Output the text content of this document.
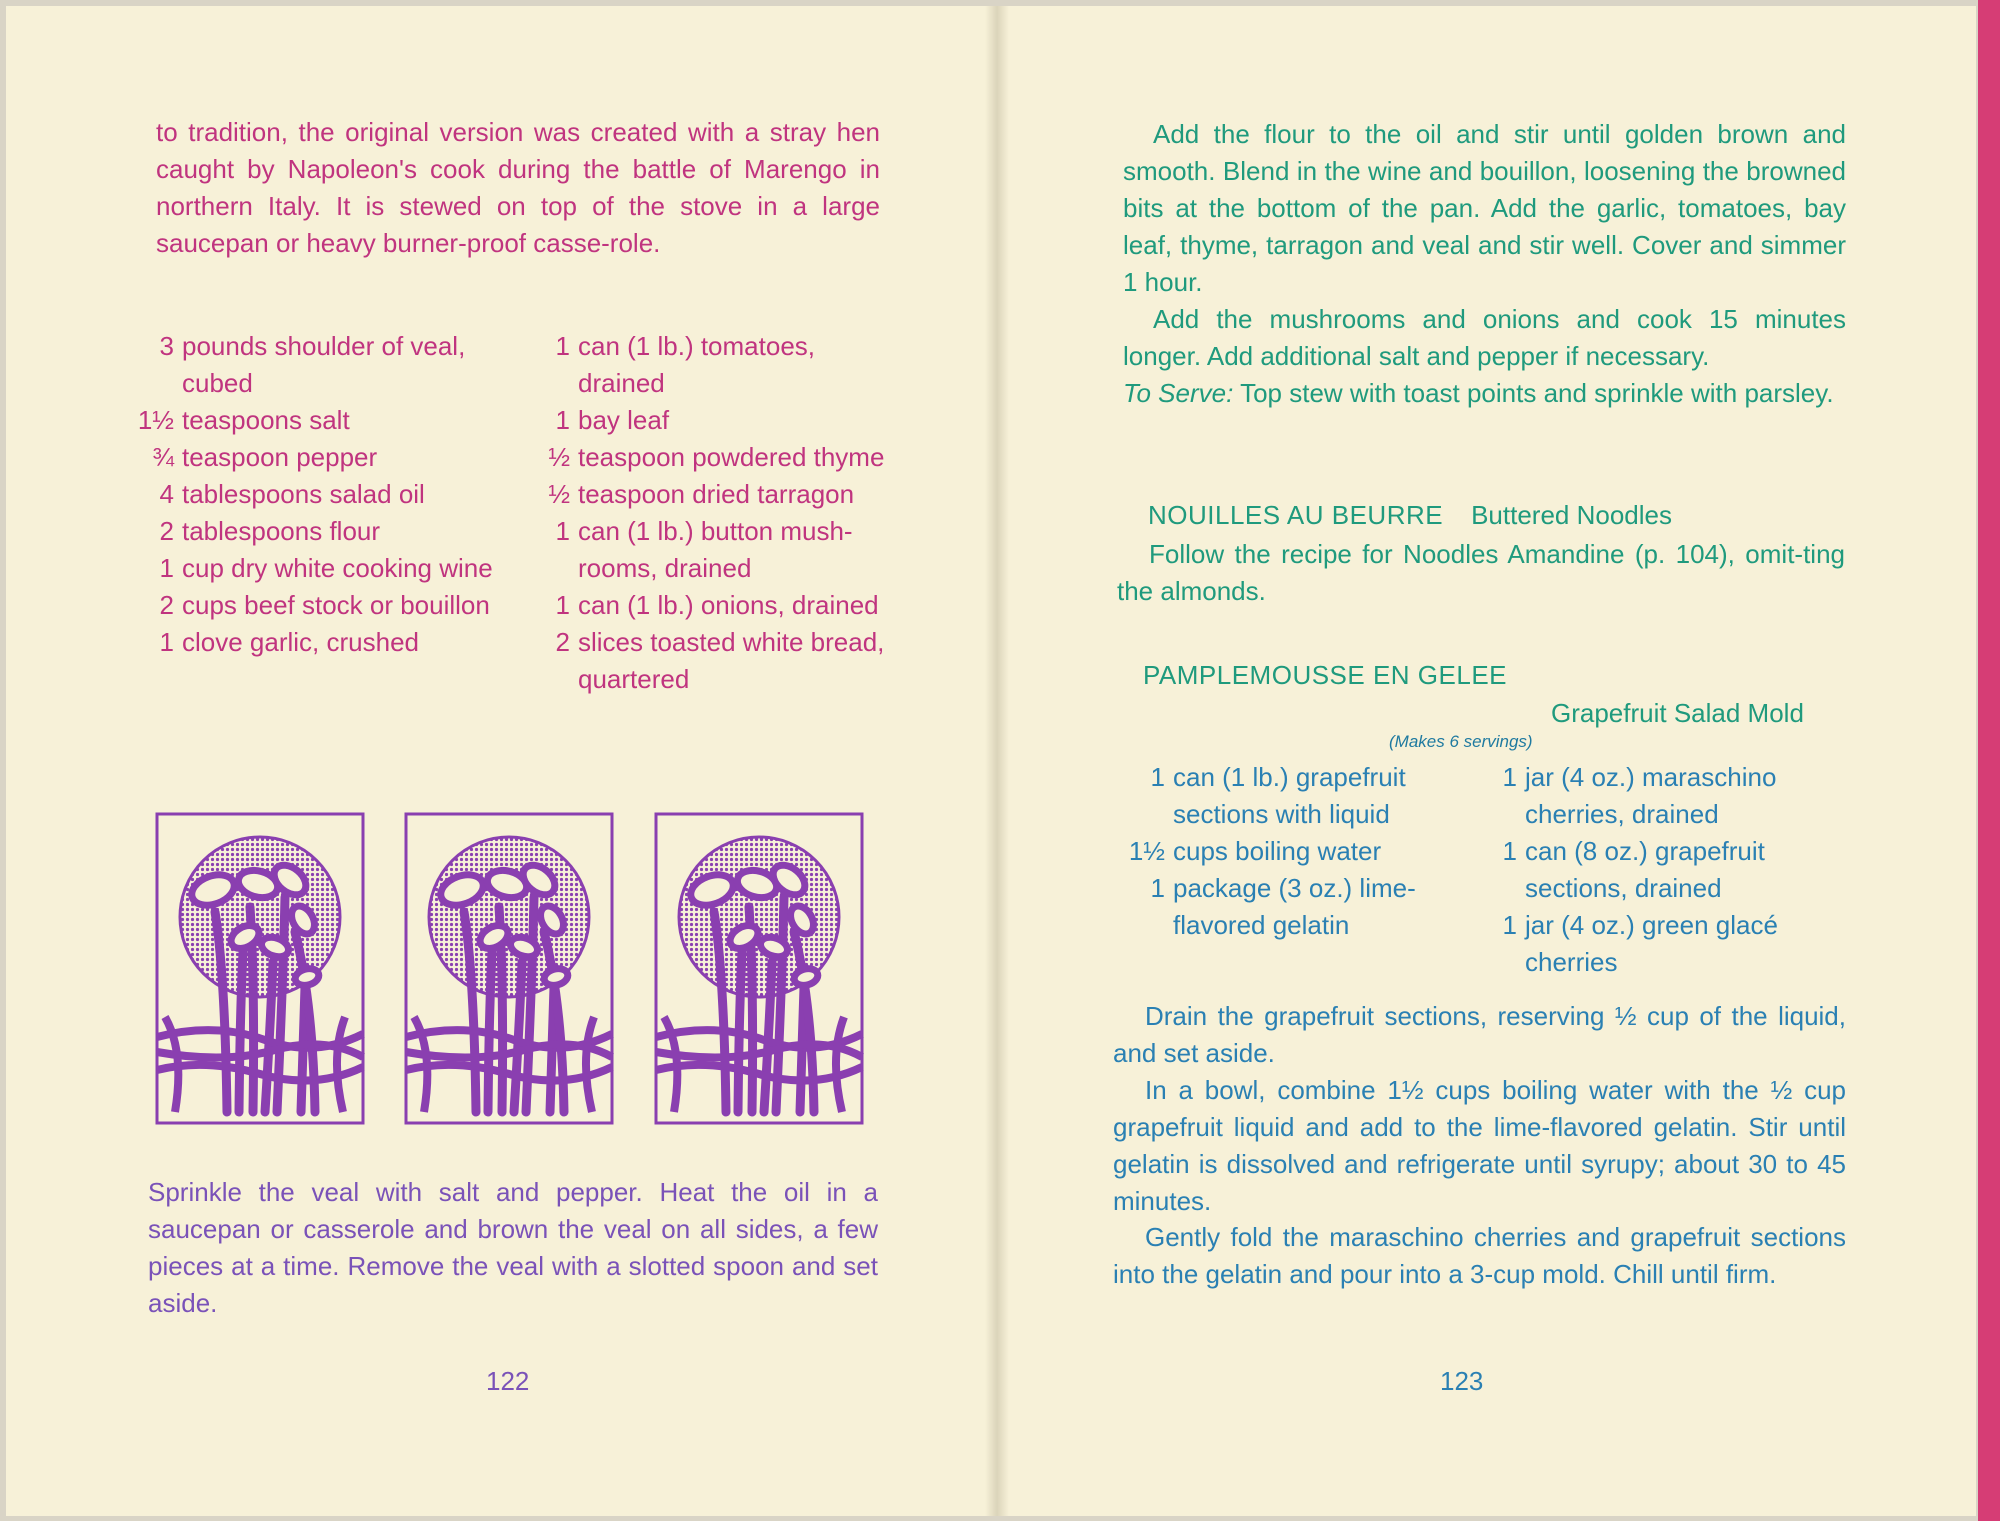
to tradition, the original version was created with a stray hen caught by Napoleon's cook during the battle of Marengo in northern Italy. It is stewed on top of the stove in a large saucepan or heavy burner-proof casse-role.

3 pounds shoulder of veal, cubed
1½ teaspoons salt
¾ teaspoon pepper
4 tablespoons salad oil
2 tablespoons flour
1 cup dry white cooking wine
2 cups beef stock or bouillon
1 clove garlic, crushed
1 can (1 lb.) tomatoes, drained
1 bay leaf
½ teaspoon powdered thyme
½ teaspoon dried tarragon
1 can (1 lb.) button mush-rooms, drained
1 can (1 lb.) onions, drained
2 slices toasted white bread, quartered

Sprinkle the veal with salt and pepper. Heat the oil in a saucepan or casserole and brown the veal on all sides, a few pieces at a time. Remove the veal with a slotted spoon and set aside.

122

Add the flour to the oil and stir until golden brown and smooth. Blend in the wine and bouillon, loosening the browned bits at the bottom of the pan. Add the garlic, tomatoes, bay leaf, thyme, tarragon and veal and stir well. Cover and simmer 1 hour.

Add the mushrooms and onions and cook 15 minutes longer. Add additional salt and pepper if necessary.

To Serve: Top stew with toast points and sprinkle with parsley.

NOUILLES AU BEURRE Buttered Noodles

Follow the recipe for Noodles Amandine (p. 104), omit-ting the almonds.

PAMPLEMOUSSE EN GELEE
Grapefruit Salad Mold
(Makes 6 servings)
1 can (1 lb.) grapefruit sections with liquid
1½ cups boiling water
1 package (3 oz.) lime-flavored gelatin
1 jar (4 oz.) maraschino cherries, drained
1 can (8 oz.) grapefruit sections, drained
1 jar (4 oz.) green glacé cherries

Drain the grapefruit sections, reserving ½ cup of the liquid, and set aside.

In a bowl, combine 1½ cups boiling water with the ½ cup grapefruit liquid and add to the lime-flavored gelatin. Stir until gelatin is dissolved and refrigerate until syrupy; about 30 to 45 minutes.

Gently fold the maraschino cherries and grapefruit sections into the gelatin and pour into a 3-cup mold. Chill until firm.

123
